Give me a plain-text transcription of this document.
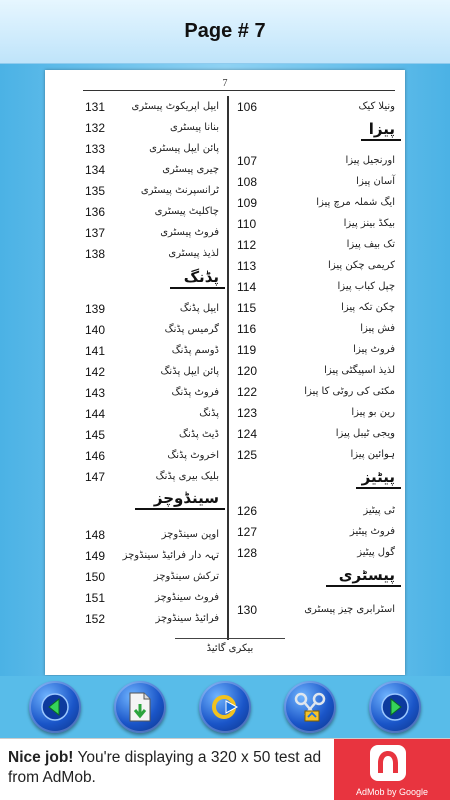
Page # 7
7
131	ایپل اپریکوٹ پیسٹری
132	بنانا پیسٹری
133	پائن ایپل پیسٹری
134	چیری پیسٹری
135	ٹرانسپرنٹ پیسٹری
136	چاکلیٹ پیسٹری
137	فروٹ پیسٹری
138	لذیذ پیسٹری
139	ایپل پڈنگ
140	گرمیس پڈنگ
141	ڈوسم پڈنگ
142	پائن ایپل پڈنگ
143	فروٹ پڈنگ
144	پڈنگ
145	ڈیٹ پڈنگ
146	اخروٹ پڈنگ
147	بلیک بیری پڈنگ
148	اوپن سینڈوچز
149 تہہ دار فرائیڈ سینڈوچز
150	ترکش سینڈوچز
151	فروٹ سینڈوچز
152	فرائیڈ سینڈوچز
پڈنگ
سینڈوچز
106	ونیلا کیک
107	اورنجیل پیزا
108	آسان پیزا
109	ایگ شملہ مرچ پیزا
110	بیکڈ بینز پیزا
112	تک بیف پیزا
113	کریمی چکن پیزا
114	چپل کباب پیزا
115	چکن تکہ پیزا
116	فش پیزا
119	فروٹ پیزا
120	لذیذ اسپیگٹی پیزا
122	مکئی کی روٹی کا پیزا
123	رین بو پیزا
124	ویجی ٹیبل پیزا
125	ہوائین پیزا
126	ٹی پیٹیز
127	فروٹ پیٹیز
128	گول پیٹیز
130	اسٹرابری چیز پیسٹری
پیزا
پیٹیز
پیسٹری
بیکری گائیڈ
Nice job! You're displaying a 320 x 50 test ad from AdMob.
AdMob by Google
